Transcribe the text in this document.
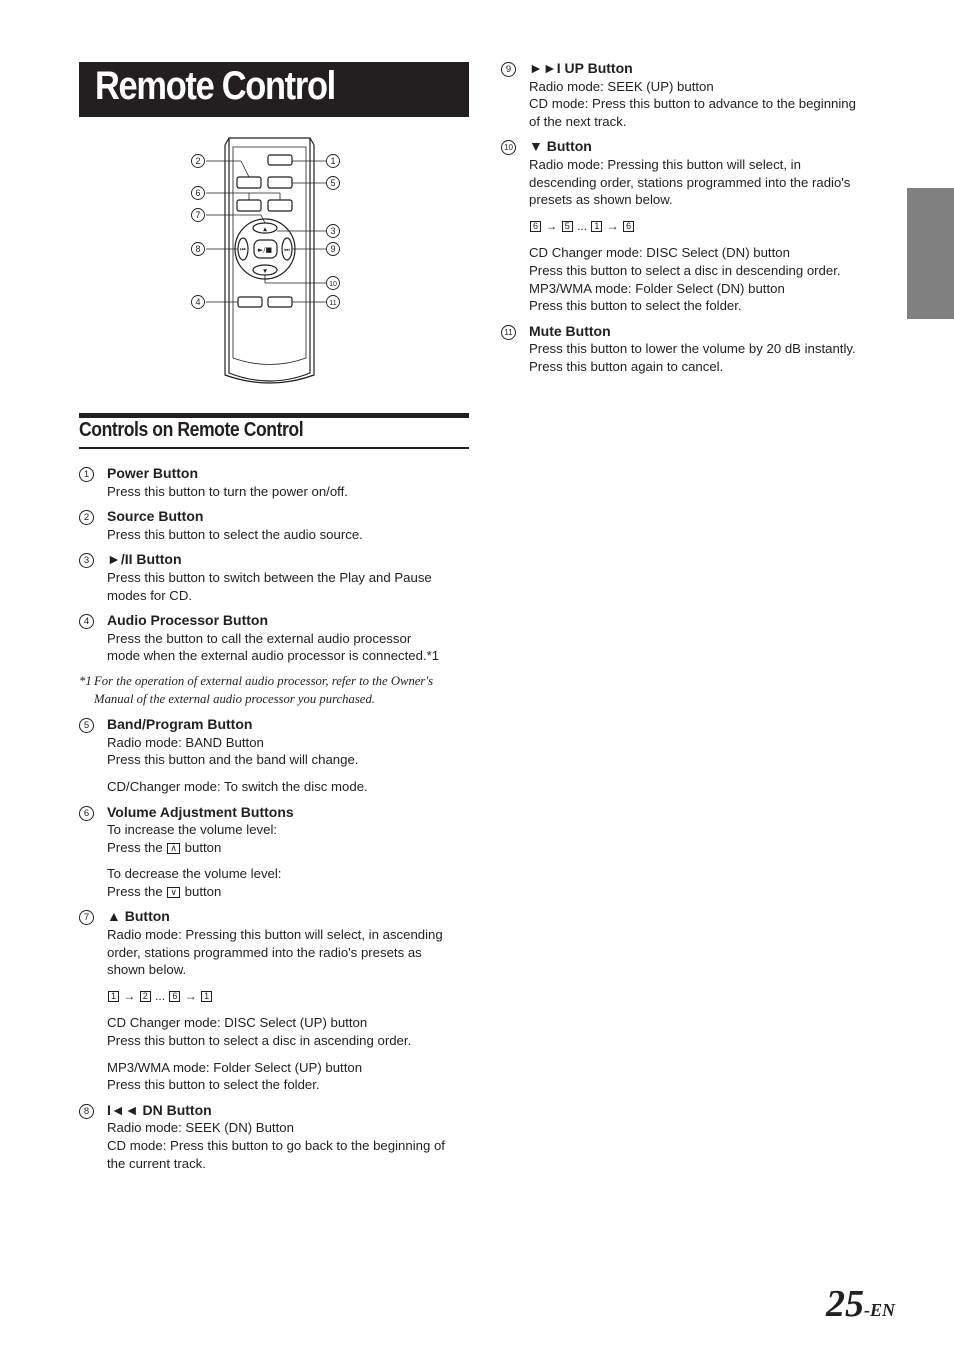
Remote Control
►/■
▲
▼
⏮	⏭
2	1
5
6
7
3
8	9
10
4	11
Controls on Remote Control
1	Power Button
Press this button to turn the power on/off.
2	Source Button
Press this button to select the audio source.
3	►/II Button
Press this button to switch between the Play and Pause
modes for CD.
4	Audio Processor Button
Press the button to call the external audio processor
mode when the external audio processor is connected.*1
*1 For the operation of external audio processor, refer to the Owner's
Manual of the external audio processor you purchased.
5	Band/Program Button
Radio mode: BAND Button
Press this button and the band will change.
CD/Changer mode: To switch the disc mode.
6	Volume Adjustment Buttons
To increase the volume level:
Press the ∧ button
To decrease the volume level:
Press the ∨ button
7	▲ Button
Radio mode: Pressing this button will select, in ascending
order, stations programmed into the radio's presets as
shown below.
1 → 2 ... 6 → 1
CD Changer mode: DISC Select (UP) button
Press this button to select a disc in ascending order.
MP3/WMA mode: Folder Select (UP) button
Press this button to select the folder.
8	I◄◄ DN Button
Radio mode: SEEK (DN) Button
CD mode: Press this button to go back to the beginning of
the current track.
9	►►I UP Button
Radio mode: SEEK (UP) button
CD mode: Press this button to advance to the beginning
of the next track.
10 ▼ Button
Radio mode: Pressing this button will select, in
descending order, stations programmed into the radio's
presets as shown below.
6 → 5 ... 1 → 6
CD Changer mode: DISC Select (DN) button
Press this button to select a disc in descending order.
MP3/WMA mode: Folder Select (DN) button
Press this button to select the folder.
11 Mute Button
Press this button to lower the volume by 20 dB instantly.
Press this button again to cancel.
25-EN
